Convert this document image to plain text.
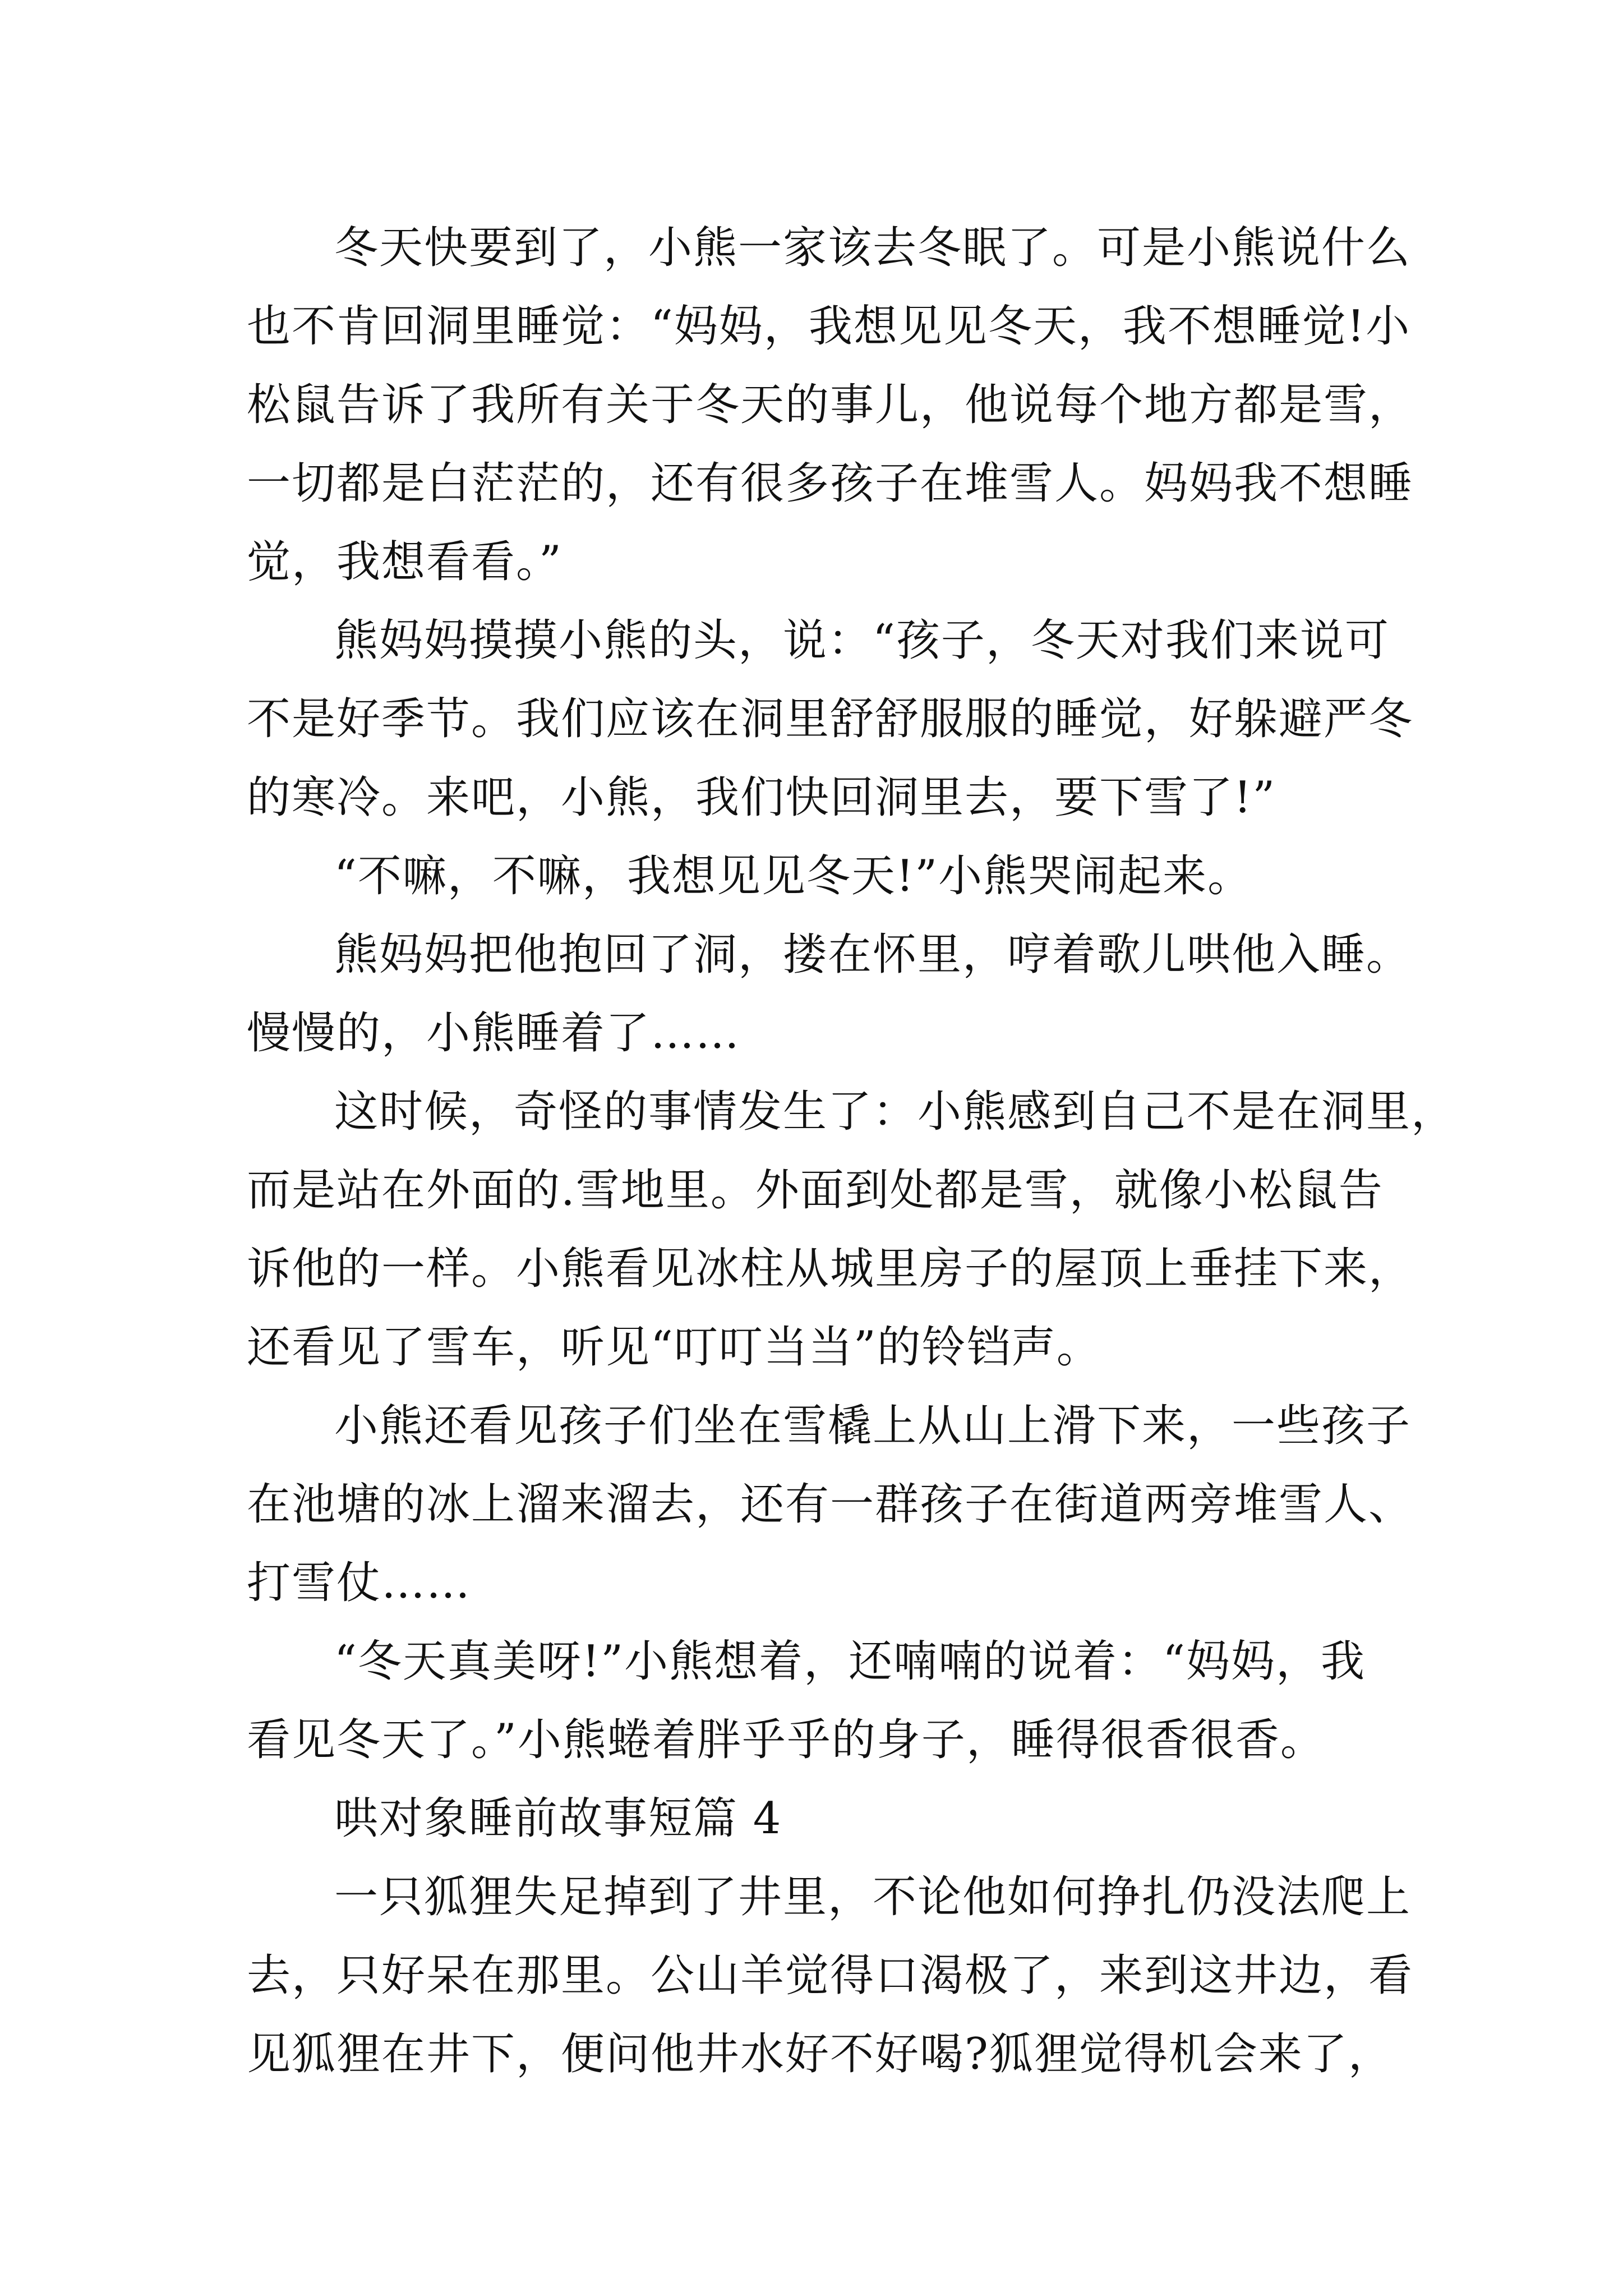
冬天快要到了，小熊一家该去冬眠了。可是小熊说什么
也不肯回洞里睡觉：“妈妈，我想见见冬天，我不想睡觉!小
松鼠告诉了我所有关于冬天的事儿，他说每个地方都是雪，
一切都是白茫茫的，还有很多孩子在堆雪人。妈妈我不想睡
觉，我想看看。”
熊妈妈摸摸小熊的头，说：“孩子，冬天对我们来说可
不是好季节。我们应该在洞里舒舒服服的睡觉，好躲避严冬
的寒冷。来吧，小熊，我们快回洞里去，要下雪了!”
“不嘛，不嘛，我想见见冬天!”小熊哭闹起来。
熊妈妈把他抱回了洞，搂在怀里，哼着歌儿哄他入睡。
慢慢的，小熊睡着了……
这时候，奇怪的事情发生了：小熊感到自己不是在洞里，
而是站在外面的.雪地里。外面到处都是雪，就像小松鼠告
诉他的一样。小熊看见冰柱从城里房子的屋顶上垂挂下来，
还看见了雪车，听见“叮叮当当”的铃铛声。
小熊还看见孩子们坐在雪橇上从山上滑下来，一些孩子
在池塘的冰上溜来溜去，还有一群孩子在街道两旁堆雪人、
打雪仗……
“冬天真美呀!”小熊想着，还喃喃的说着：“妈妈，我
看见冬天了。”小熊蜷着胖乎乎的身子，睡得很香很香。
哄对象睡前故事短篇 4
一只狐狸失足掉到了井里，不论他如何挣扎仍没法爬上
去，只好呆在那里。公山羊觉得口渴极了，来到这井边，看
见狐狸在井下，便问他井水好不好喝?狐狸觉得机会来了，
